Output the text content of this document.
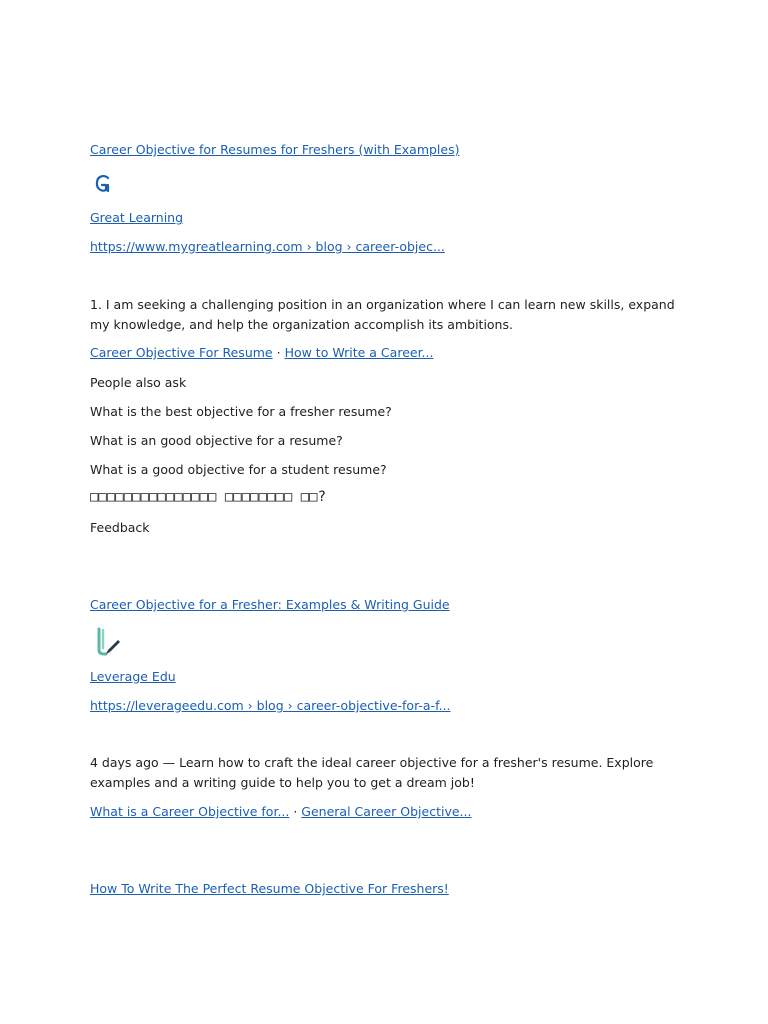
Career Objective for Resumes for Freshers (with Examples)
Great Learning
https://www.mygreatlearning.com › blog › career-objec...

1. I am seeking a challenging position in an organization where I can learn new skills, expand my knowledge, and help the organization accomplish its ambitions.

Career Objective For Resume · How to Write a Career...
People also ask
What is the best objective for a fresher resume?
What is an good objective for a resume?
What is a good objective for a student resume?
□□□□□□□□□□□□□□□ □□□□□□□□ □□?
Feedback
Career Objective for a Fresher: Examples & Writing Guide
Leverage Edu
https://leverageedu.com › blog › career-objective-for-a-f...

4 days ago — Learn how to craft the ideal career objective for a fresher's resume. Explore examples and a writing guide to help you to get a dream job!

What is a Career Objective for... · General Career Objective...
How To Write The Perfect Resume Objective For Freshers!
